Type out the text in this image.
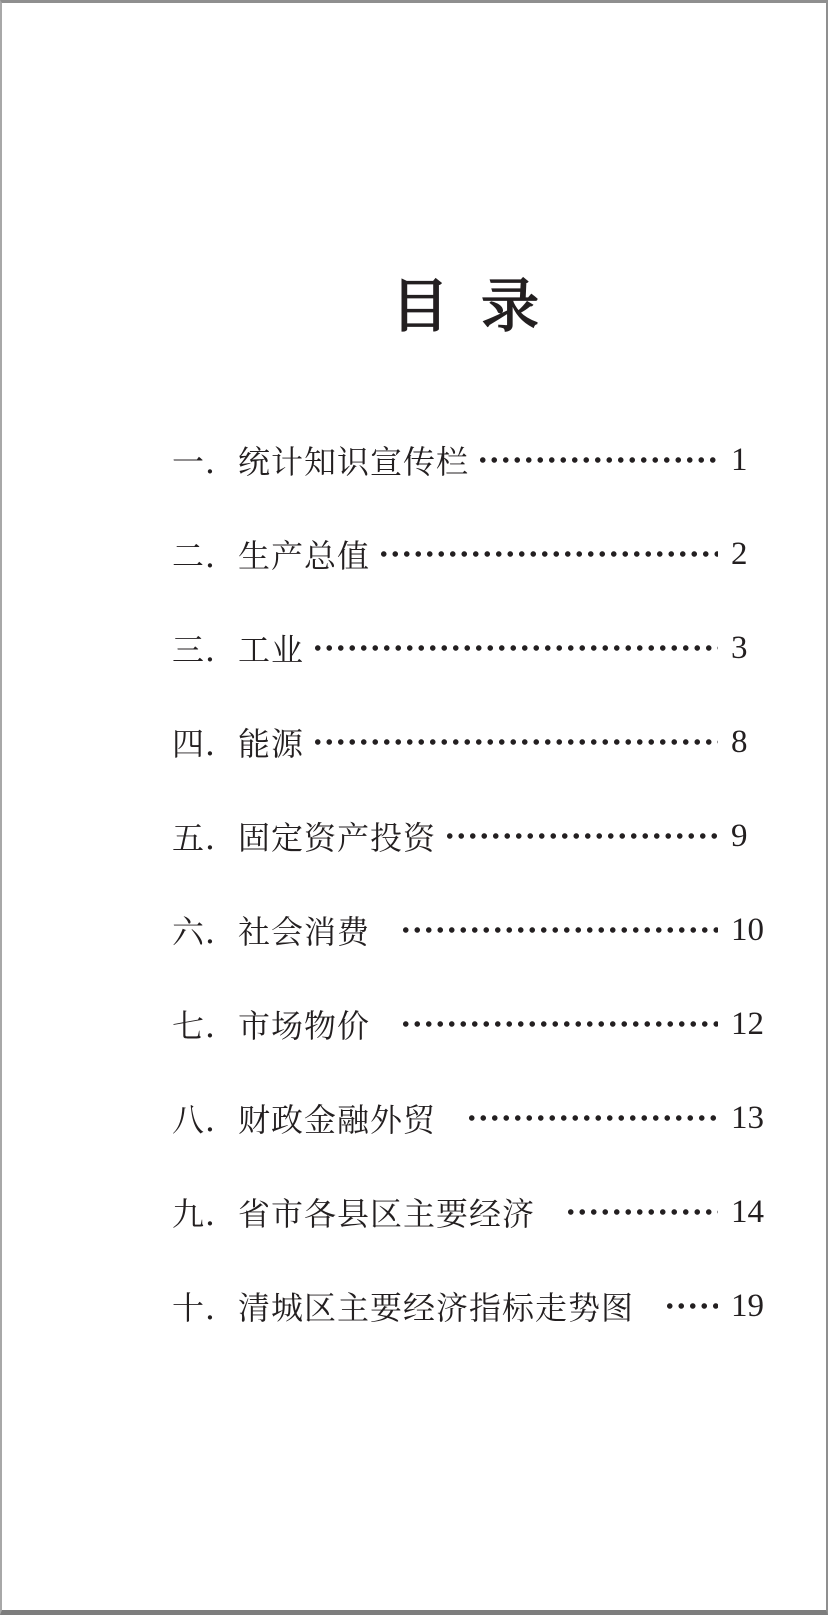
目 录
一．统计知识宣传栏	1
二．生产总值	2
三．工业	3
四．能源	8
五．固定资产投资	9
六．社会消费	10
七．市场物价	12
八．财政金融外贸	13
九．省市各县区主要经济	14
十．清城区主要经济指标走势图	19
